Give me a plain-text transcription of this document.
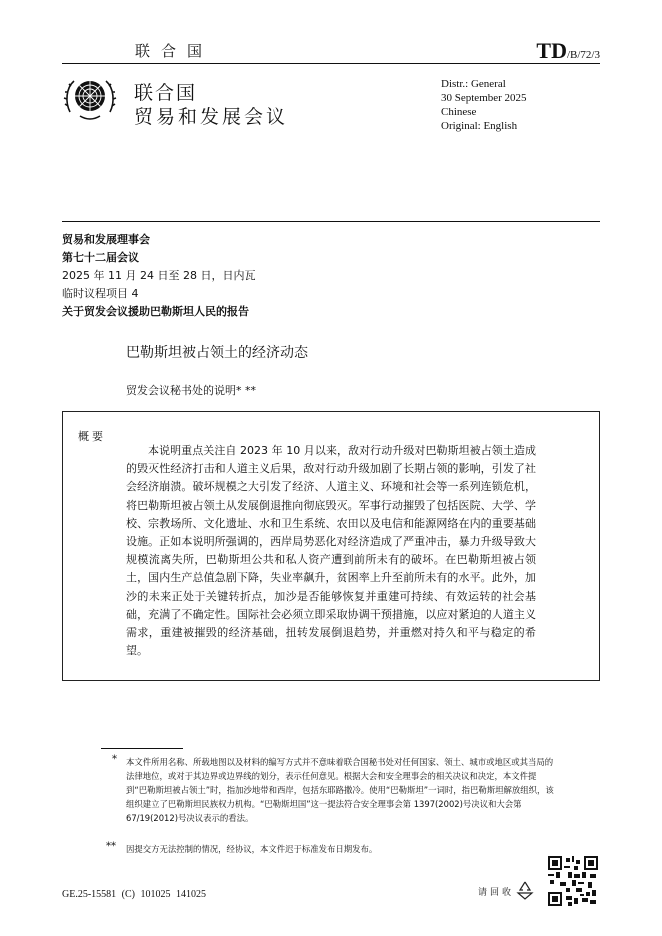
联合国	TD/B/72/3
联合国
贸易和发展会议
Distr.: General
30 September 2025
Chinese
Original: English
贸易和发展理事会
第七十二届会议
2025 年 11 月 24 日至 28 日，日内瓦
临时议程项目 4
关于贸发会议援助巴勒斯坦人民的报告
巴勒斯坦被占领土的经济动态
贸发会议秘书处的说明* **
概要
本说明重点关注自 2023 年 10 月以来，敌对行动升级对巴勒斯坦被占领土造成的毁灭性经济打击和人道主义后果，敌对行动升级加剧了长期占领的影响，引发了社会经济崩溃。破坏规模之大引发了经济、人道主义、环境和社会等一系列连锁危机，将巴勒斯坦被占领土从发展倒退推向彻底毁灭。军事行动摧毁了包括医院、大学、学校、宗教场所、文化遗址、水和卫生系统、农田以及电信和能源网络在内的重要基础设施。正如本说明所强调的，西岸局势恶化对经济造成了严重冲击，暴力升级导致大规模流离失所，巴勒斯坦公共和私人资产遭到前所未有的破坏。在巴勒斯坦被占领土，国内生产总值急剧下降，失业率飙升，贫困率上升至前所未有的水平。此外，加沙的未来正处于关键转折点，加沙是否能够恢复并重建可持续、有效运转的社会基础，充满了不确定性。国际社会必须立即采取协调干预措施，以应对紧迫的人道主义需求，重建被摧毁的经济基础，扭转发展倒退趋势，并重燃对持久和平与稳定的希望。
* 本文件所用名称、所载地图以及材料的编写方式并不意味着联合国秘书处对任何国家、领土、城市或地区或其当局的法律地位，或对于其边界或边界线的划分，表示任何意见。根据大会和安全理事会的相关决议和决定，本文件提到“巴勒斯坦被占领土”时，指加沙地带和西岸，包括东耶路撒冷。使用“巴勒斯坦”一词时，指巴勒斯坦解放组织，该组织建立了巴勒斯坦民族权力机构。“巴勒斯坦国”这一提法符合安全理事会第 1397(2002)号决议和大会第 67/19(2012)号决议表示的看法。
** 因提交方无法控制的情况，经协议，本文件迟于标准发布日期发布。
GE.25-15581 (C) 101025 141025	请回收
